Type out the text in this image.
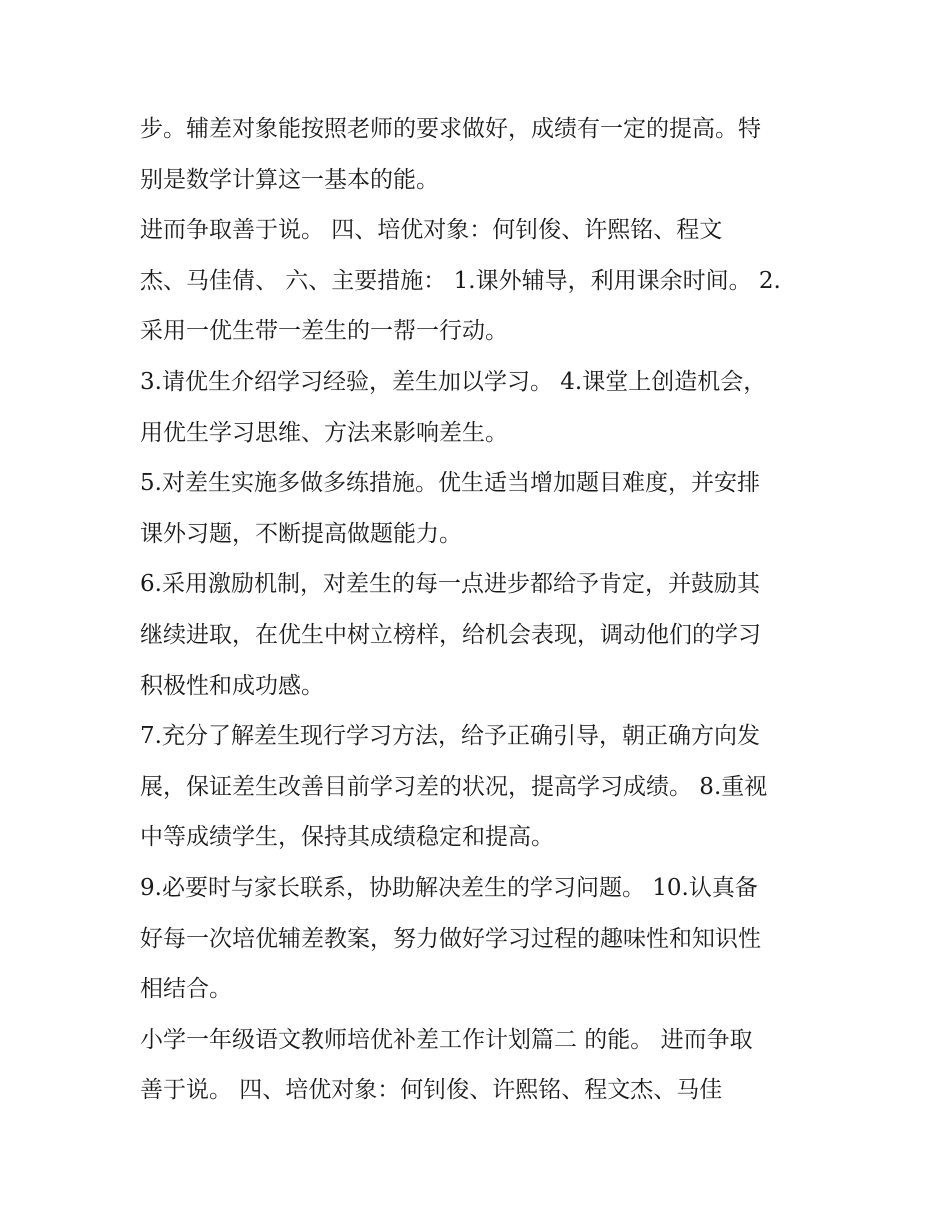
步。辅差对象能按照老师的要求做好，成绩有一定的提高。特
别是数学计算这一基本的能。
进而争取善于说。 四、培优对象：何钊俊、许熙铭、程文
杰、马佳倩、 六、主要措施： 1.课外辅导，利用课余时间。 2.
采用一优生带一差生的一帮一行动。
3.请优生介绍学习经验，差生加以学习。 4.课堂上创造机会，
用优生学习思维、方法来影响差生。
5.对差生实施多做多练措施。优生适当增加题目难度，并安排
课外习题，不断提高做题能力。
6.采用激励机制，对差生的每一点进步都给予肯定，并鼓励其
继续进取，在优生中树立榜样，给机会表现，调动他们的学习
积极性和成功感。
7.充分了解差生现行学习方法，给予正确引导，朝正确方向发
展，保证差生改善目前学习差的状况，提高学习成绩。 8.重视
中等成绩学生，保持其成绩稳定和提高。
9.必要时与家长联系，协助解决差生的学习问题。 10.认真备
好每一次培优辅差教案，努力做好学习过程的趣味性和知识性
相结合。
小学一年级语文教师培优补差工作计划篇二 的能。 进而争取
善于说。 四、培优对象：何钊俊、许熙铭、程文杰、马佳
